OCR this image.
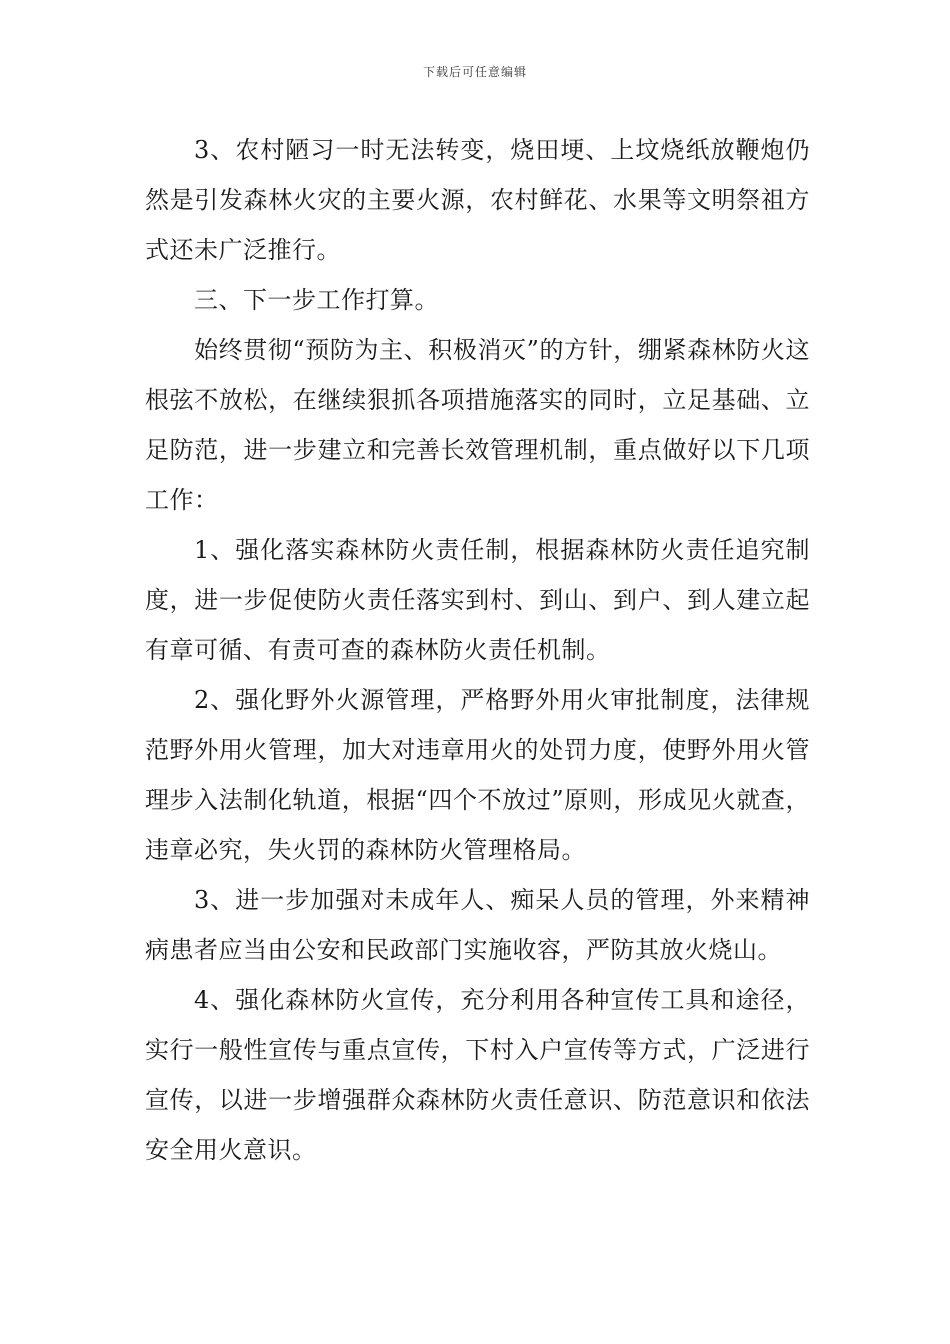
下载后可任意编辑

3、农村陋习一时无法转变，烧田埂、上坟烧纸放鞭炮仍然是引发森林火灾的主要火源，农村鲜花、水果等文明祭祖方式还未广泛推行。

三、下一步工作打算。

始终贯彻“预防为主、积极消灭”的方针，绷紧森林防火这根弦不放松，在继续狠抓各项措施落实的同时，立足基础、立足防范，进一步建立和完善长效管理机制，重点做好以下几项工作：

1、强化落实森林防火责任制，根据森林防火责任追究制度，进一步促使防火责任落实到村、到山、到户、到人建立起有章可循、有责可查的森林防火责任机制。

2、强化野外火源管理，严格野外用火审批制度，法律规范野外用火管理，加大对违章用火的处罚力度，使野外用火管理步入法制化轨道，根据“四个不放过”原则，形成见火就查，违章必究，失火罚的森林防火管理格局。

3、进一步加强对未成年人、痴呆人员的管理，外来精神病患者应当由公安和民政部门实施收容，严防其放火烧山。

4、强化森林防火宣传，充分利用各种宣传工具和途径，实行一般性宣传与重点宣传，下村入户宣传等方式，广泛进行宣传，以进一步增强群众森林防火责任意识、防范意识和依法安全用火意识。
